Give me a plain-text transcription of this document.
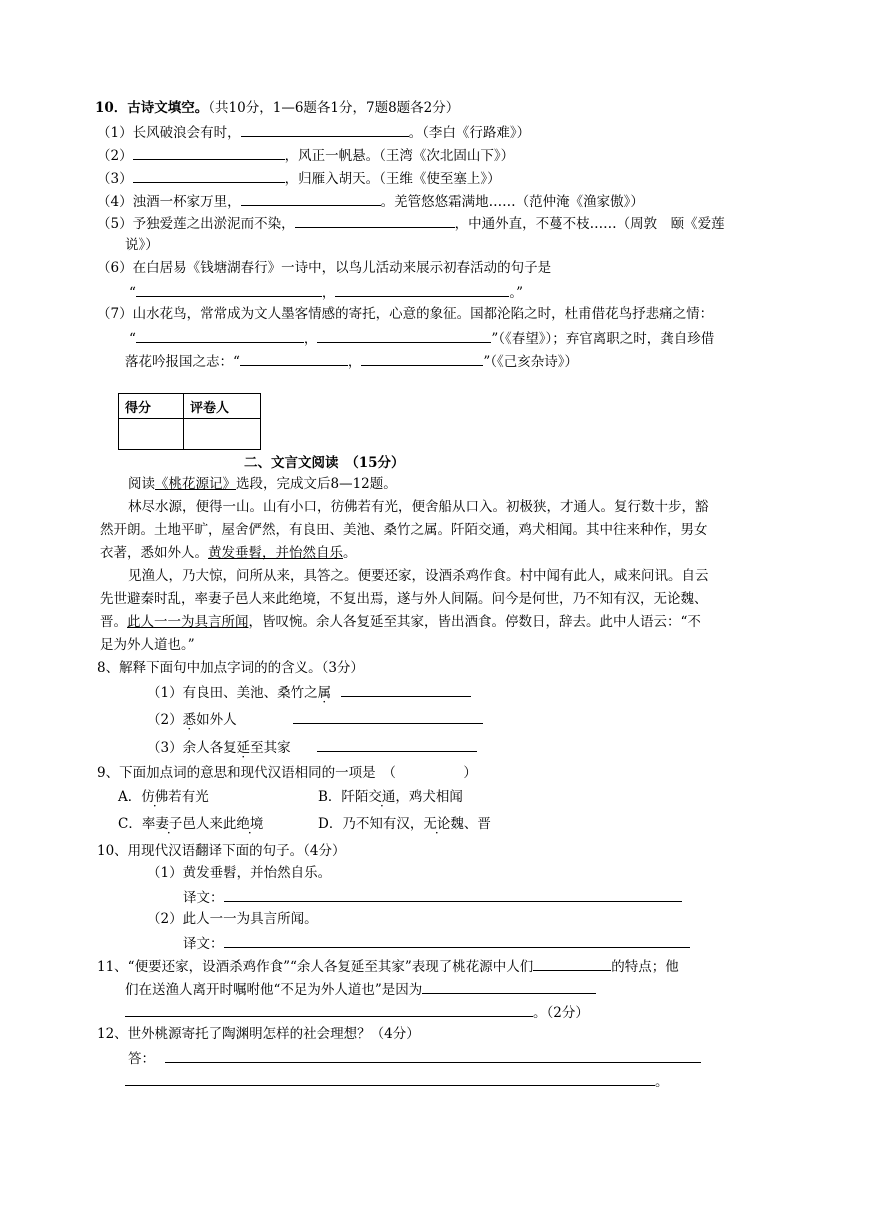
10．古诗文填空。（共10分，1—6题各1分，7题8题各2分）
（1）长风破浪会有时，	。（李白《行路难》）
（2）	，风正一帆悬。（王湾《次北固山下》）
（3）	，归雁入胡天。（王维《使至塞上》）
（4）浊酒一杯家万里，	。羌管悠悠霜满地……（范仲淹《渔家傲》）
（5）予独爱莲之出淤泥而不染，	，中通外直，不蔓不枝……（周敦　颐《爱莲
说》）
（6）在白居易《钱塘湖春行》一诗中，以鸟儿活动来展示初春活动的句子是
“	，	。”
（7）山水花鸟，常常成为文人墨客情感的寄托，心意的象征。国都沦陷之时，杜甫借花鸟抒悲痛之情：
“	，	”（《春望》）；弃官离职之时，龚自珍借
落花吟报国之志：“	，	”（《己亥杂诗》）
得分	评卷人

二、文言文阅读　（15分）
阅读《桃花源记》选段，完成文后8—12题。
林尽水源，便得一山。山有小口，彷佛若有光，便舍船从口入。初极狭，才通人。复行数十步，豁
然开朗。土地平旷，屋舍俨然，有良田、美池、桑竹之属。阡陌交通，鸡犬相闻。其中往来种作，男女
衣著，悉如外人。黄发垂髫，并怡然自乐。
见渔人，乃大惊，问所从来，具答之。便要还家，设酒杀鸡作食。村中闻有此人，咸来问讯。自云
先世避秦时乱，率妻子邑人来此绝境，不复出焉，遂与外人间隔。问今是何世，乃不知有汉，无论魏、
晋。此人一一为具言所闻，皆叹惋。余人各复延至其家，皆出酒食。停数日，辞去。此中人语云：“不
足为外人道也。”
8、解释下面句中加点字词的的含义。（3分）
（1）有良田、美池、桑竹之属
（2）悉如外人
（3）余人各复延至其家
9、下面加点词的意思和现代汉语相同的一项是　（　　　　　）
A．仿佛若有光	B．阡陌交通，鸡犬相闻
C．率妻子邑人来此绝境	D．乃不知有汉，无论魏、晋
10、用现代汉语翻译下面的句子。（4分）
（1）黄发垂髫，并怡然自乐。
译文：
（2）此人一一为具言所闻。
译文：
11、“便要还家，设酒杀鸡作食”“余人各复延至其家”表现了桃花源中人们	的特点；他
们在送渔人离开时嘱咐他“不足为外人道也”是因为
。（2分）
12、世外桃源寄托了陶渊明怎样的社会理想？（4分）
答：
。
